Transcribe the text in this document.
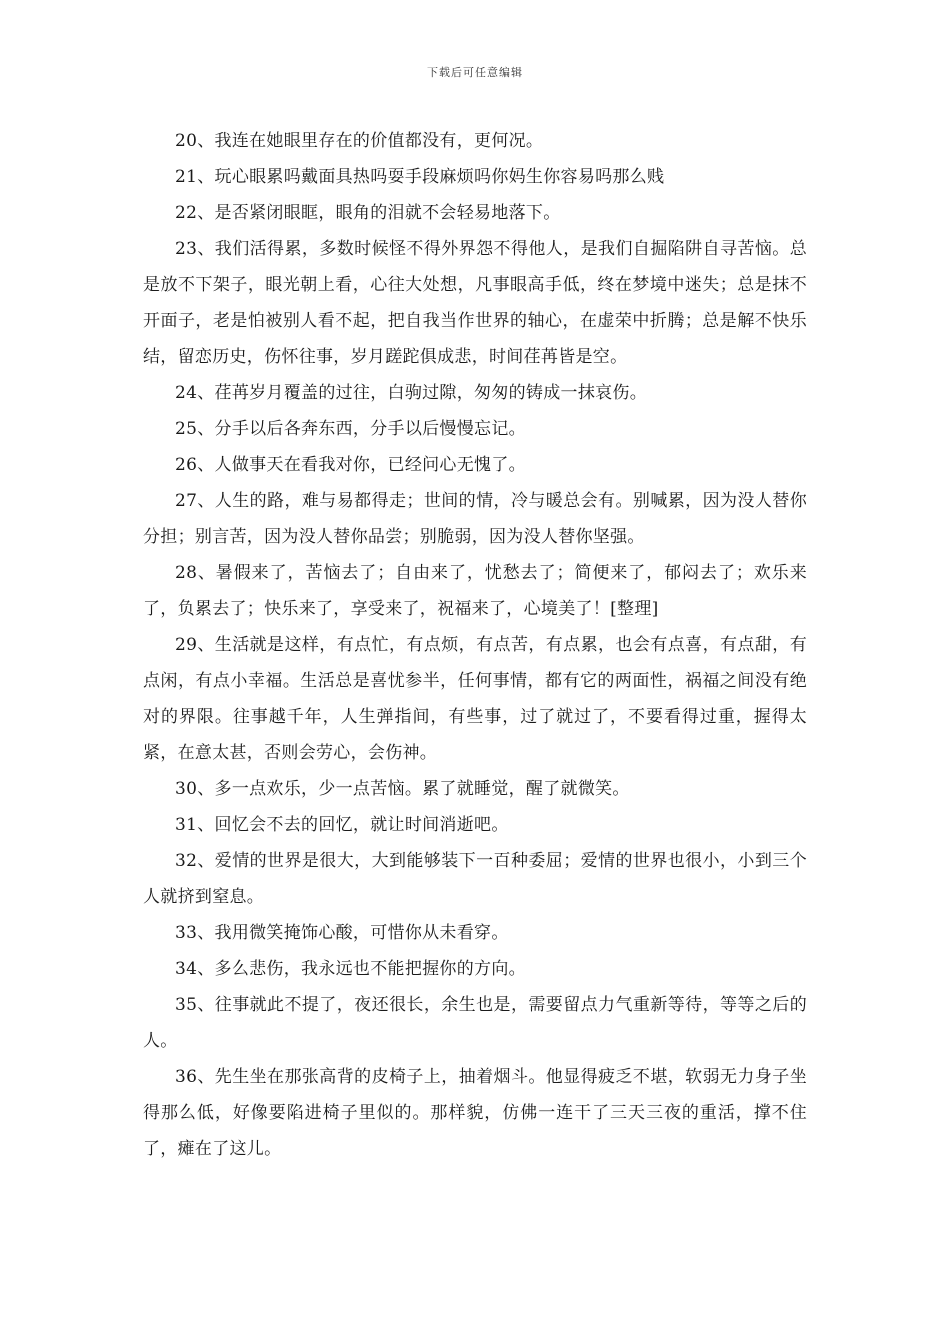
下载后可任意编辑

20、我连在她眼里存在的价值都没有，更何况。

21、玩心眼累吗戴面具热吗耍手段麻烦吗你妈生你容易吗那么贱

22、是否紧闭眼眶，眼角的泪就不会轻易地落下。

23、我们活得累，多数时候怪不得外界怨不得他人，是我们自掘陷阱自寻苦恼。总是放不下架子，眼光朝上看，心往大处想，凡事眼高手低，终在梦境中迷失；总是抹不开面子，老是怕被别人看不起，把自我当作世界的轴心，在虚荣中折腾；总是解不快乐结，留恋历史，伤怀往事，岁月蹉跎俱成悲，时间荏苒皆是空。

24、荏苒岁月覆盖的过往，白驹过隙，匆匆的铸成一抹哀伤。

25、分手以后各奔东西，分手以后慢慢忘记。

26、人做事天在看我对你，已经问心无愧了。

27、人生的路，难与易都得走；世间的情，冷与暖总会有。别喊累，因为没人替你分担；别言苦，因为没人替你品尝；别脆弱，因为没人替你坚强。

28、暑假来了，苦恼去了；自由来了，忧愁去了；简便来了，郁闷去了；欢乐来了，负累去了；快乐来了，享受来了，祝福来了，心境美了！[整理]

29、生活就是这样，有点忙，有点烦，有点苦，有点累，也会有点喜，有点甜，有点闲，有点小幸福。生活总是喜忧参半，任何事情，都有它的两面性，祸福之间没有绝对的界限。往事越千年，人生弹指间，有些事，过了就过了，不要看得过重，握得太紧，在意太甚，否则会劳心，会伤神。

30、多一点欢乐，少一点苦恼。累了就睡觉，醒了就微笑。

31、回忆会不去的回忆，就让时间消逝吧。

32、爱情的世界是很大，大到能够装下一百种委屈；爱情的世界也很小，小到三个人就挤到窒息。

33、我用微笑掩饰心酸，可惜你从未看穿。

34、多么悲伤，我永远也不能把握你的方向。

35、往事就此不提了，夜还很长，余生也是，需要留点力气重新等待，等等之后的人。

36、先生坐在那张高背的皮椅子上，抽着烟斗。他显得疲乏不堪，软弱无力身子坐得那么低，好像要陷进椅子里似的。那样貌，仿佛一连干了三天三夜的重活，撑不住了，瘫在了这儿。
